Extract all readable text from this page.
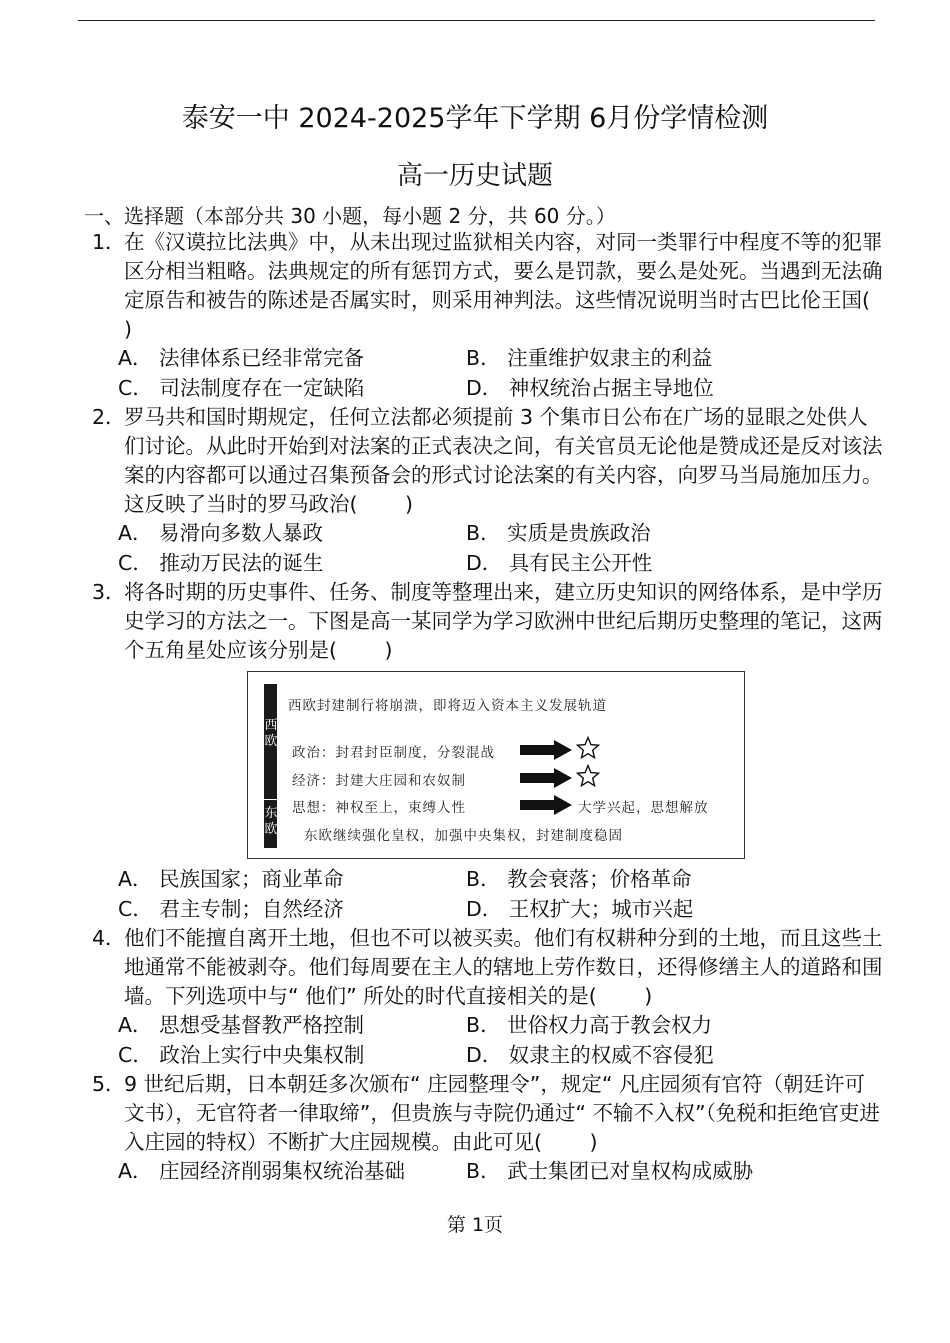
泰安一中 2024-2025学年下学期 6月份学情检测
高一历史试题
一、选择题（本部分共 30 小题，每小题 2 分，共 60 分。）
1．在《汉谟拉比法典》中，从未出现过监狱相关内容，对同一类罪行中程度不等的犯罪区分相当粗略。法典规定的所有惩罚方式，要么是罚款，要么是处死。当遇到无法确定原告和被告的陈述是否属实时，则采用神判法。这些情况说明当时古巴比伦王国(　　 )
A． 法律体系已经非常完备	B． 注重维护奴隶主的利益
C． 司法制度存在一定缺陷	D． 神权统治占据主导地位
2．罗马共和国时期规定，任何立法都必须提前 3 个集市日公布在广场的显眼之处供人们讨论。从此时开始到对法案的正式表决之间，有关官员无论他是赞成还是反对该法案的内容都可以通过召集预备会的形式讨论法案的有关内容，向罗马当局施加压力。这反映了当时的罗马政治(　　 )
A． 易滑向多数人暴政	B． 实质是贵族政治
C． 推动万民法的诞生	D． 具有民主公开性
3．将各时期的历史事件、任务、制度等整理出来，建立历史知识的网络体系，是中学历史学习的方法之一。下图是高一某同学为学习欧洲中世纪后期历史整理的笔记，这两个五角星处应该分别是(　　 )
西欧
东欧
西欧封建制行将崩溃，即将迈入资本主义发展轨道
政治：封君封臣制度，分裂混战
经济：封建大庄园和农奴制
思想：神权至上，束缚人性	大学兴起，思想解放
东欧继续强化皇权，加强中央集权，封建制度稳固
A． 民族国家；商业革命	B． 教会衰落；价格革命
C． 君主专制；自然经济	D． 王权扩大；城市兴起
4．他们不能擅自离开土地，但也不可以被买卖。他们有权耕种分到的土地，而且这些土地通常不能被剥夺。他们每周要在主人的辖地上劳作数日，还得修缮主人的道路和围墙。下列选项中与“ 他们” 所处的时代直接相关的是(　　 )
A． 思想受基督教严格控制	B． 世俗权力高于教会权力
C． 政治上实行中央集权制	D． 奴隶主的权威不容侵犯
5．9 世纪后期，日本朝廷多次颁布“ 庄园整理令”，规定“ 凡庄园须有官符（朝廷许可文书），无官符者一律取缔”，但贵族与寺院仍通过“ 不输不入权”（免税和拒绝官吏进入庄园的特权）不断扩大庄园规模。由此可见(　　 )
A． 庄园经济削弱集权统治基础	B． 武士集团已对皇权构成威胁
第 1页
